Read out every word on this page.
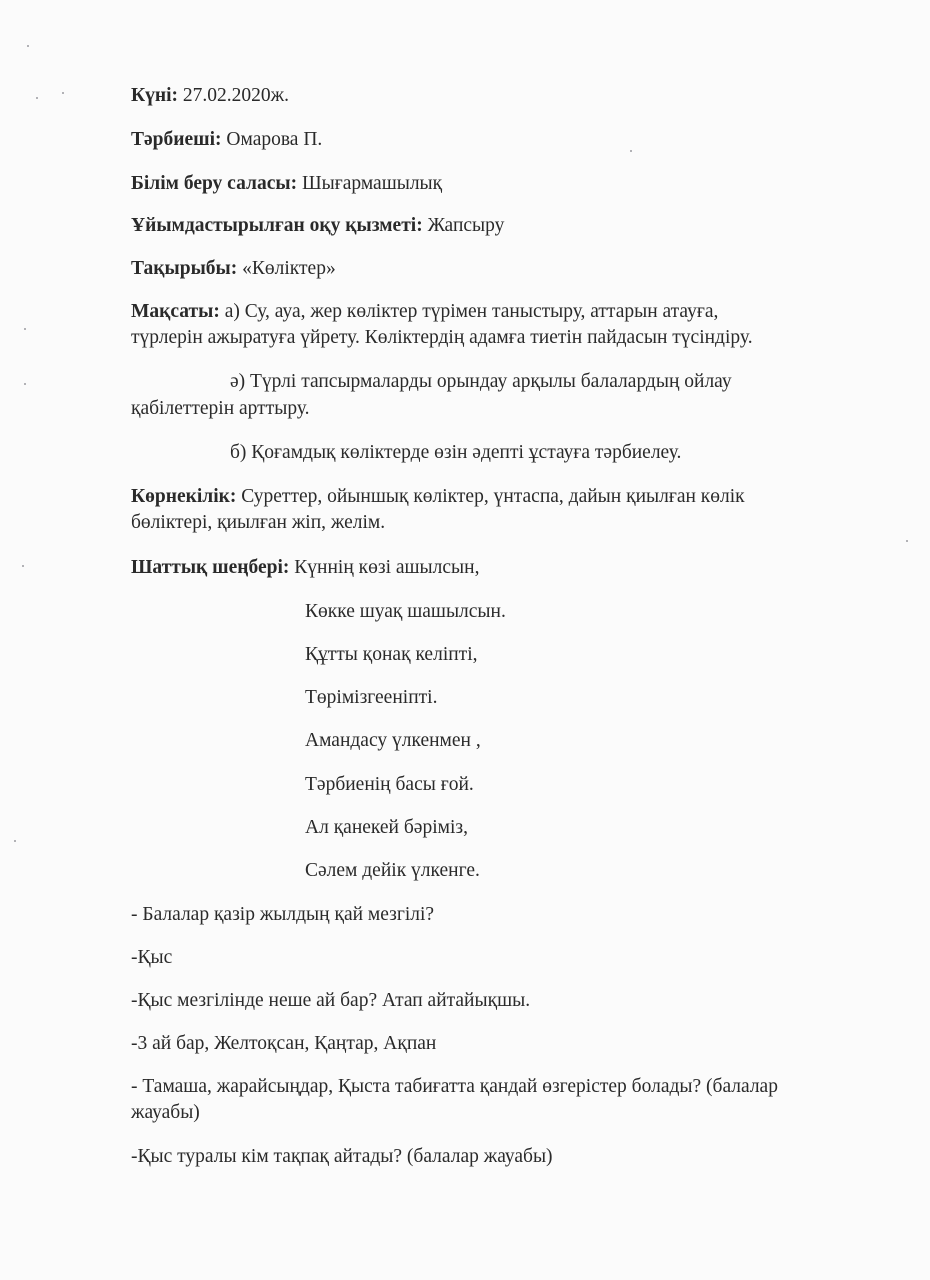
Күні: 27.02.2020ж.
Тәрбиеші: Омарова П.
Білім беру саласы: Шығармашылық
Ұйымдастырылған оқу қызметі: Жапсыру
Тақырыбы: «Көліктер»
Мақсаты: а) Су, ауа, жер көліктер түрімен таныстыру, аттарын атауға,
түрлерін ажыратуға үйрету. Көліктердің адамға тиетін пайдасын түсіндіру.
ә) Түрлі тапсырмаларды орындау арқылы балалардың ойлау
қабілеттерін арттыру.
б) Қоғамдық көліктерде өзін әдепті ұстауға тәрбиелеу.
Көрнекілік: Суреттер, ойыншық көліктер, үнтаспа, дайын қиылған көлік
бөліктері, қиылған жіп, желім.
Шаттық шеңбері: Күннің көзі ашылсын,
Көкке шуақ шашылсын.
Құтты қонақ келіпті,
Төрімізгееніпті.
Амандасу үлкенмен ,
Тәрбиенің басы ғой.
Ал қанекей бәріміз,
Сәлем дейік үлкенге.
- Балалар қазір жылдың қай мезгілі?
-Қыс
-Қыс мезгілінде неше ай бар? Атап айтайықшы.
-3 ай бар, Желтоқсан, Қаңтар, Ақпан
- Тамаша, жарайсыңдар, Қыста табиғатта қандай өзгерістер болады? (балалар
жауабы)
-Қыс туралы кім тақпақ айтады? (балалар жауабы)
